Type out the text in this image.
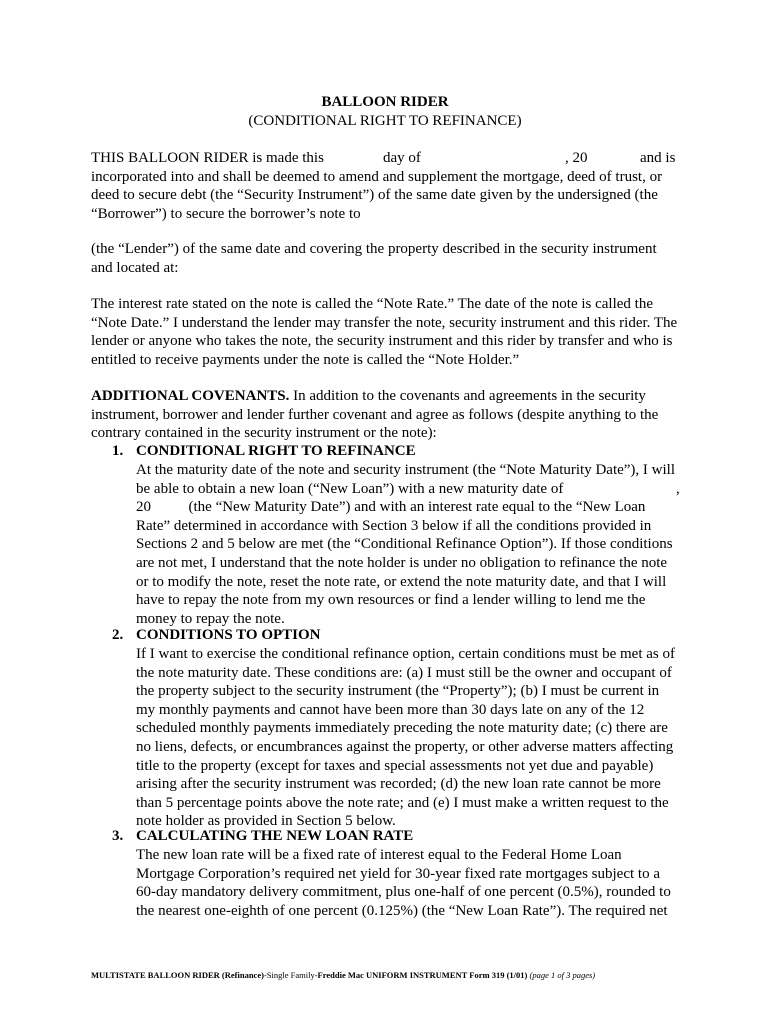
BALLOON RIDER
(CONDITIONAL RIGHT TO REFINANCE)
THIS BALLOON RIDER is made this	day of	, 20	and is
incorporated into and shall be deemed to amend and supplement the mortgage, deed of trust, or
deed to secure debt (the “Security Instrument”) of the same date given by the undersigned (the
“Borrower”) to secure the borrower’s note to
(the “Lender”) of the same date and covering the property described in the security instrument
and located at:
The interest rate stated on the note is called the “Note Rate.” The date of the note is called the
“Note Date.” I understand the lender may transfer the note, security instrument and this rider. The
lender or anyone who takes the note, the security instrument and this rider by transfer and who is
entitled to receive payments under the note is called the “Note Holder.”
ADDITIONAL COVENANTS. In addition to the covenants and agreements in the security
instrument, borrower and lender further covenant and agree as follows (despite anything to the
contrary contained in the security instrument or the note):
1. CONDITIONAL RIGHT TO REFINANCE
At the maturity date of the note and security instrument (the “Note Maturity Date”), I will
be able to obtain a new loan (“New Loan”) with a new maturity date of	,
20          (the “New Maturity Date”) and with an interest rate equal to the “New Loan
Rate” determined in accordance with Section 3 below if all the conditions provided in
Sections 2 and 5 below are met (the “Conditional Refinance Option”). If those conditions
are not met, I understand that the note holder is under no obligation to refinance the note
or to modify the note, reset the note rate, or extend the note maturity date, and that I will
have to repay the note from my own resources or find a lender willing to lend me the
money to repay the note.
2. CONDITIONS TO OPTION
If I want to exercise the conditional refinance option, certain conditions must be met as of
the note maturity date. These conditions are: (a) I must still be the owner and occupant of
the property subject to the security instrument (the “Property”); (b) I must be current in
my monthly payments and cannot have been more than 30 days late on any of the 12
scheduled monthly payments immediately preceding the note maturity date; (c) there are
no liens, defects, or encumbrances against the property, or other adverse matters affecting
title to the property (except for taxes and special assessments not yet due and payable)
arising after the security instrument was recorded; (d) the new loan rate cannot be more
than 5 percentage points above the note rate; and (e) I must make a written request to the
note holder as provided in Section 5 below.
3. CALCULATING THE NEW LOAN RATE
The new loan rate will be a fixed rate of interest equal to the Federal Home Loan
Mortgage Corporation’s required net yield for 30-year fixed rate mortgages subject to a
60-day mandatory delivery commitment, plus one-half of one percent (0.5%), rounded to
the nearest one-eighth of one percent (0.125%) (the “New Loan Rate”). The required net
MULTISTATE BALLOON RIDER (Refinance)-Single Family-Freddie Mac UNIFORM INSTRUMENT Form 319 (1/01) (page 1 of 3 pages)
